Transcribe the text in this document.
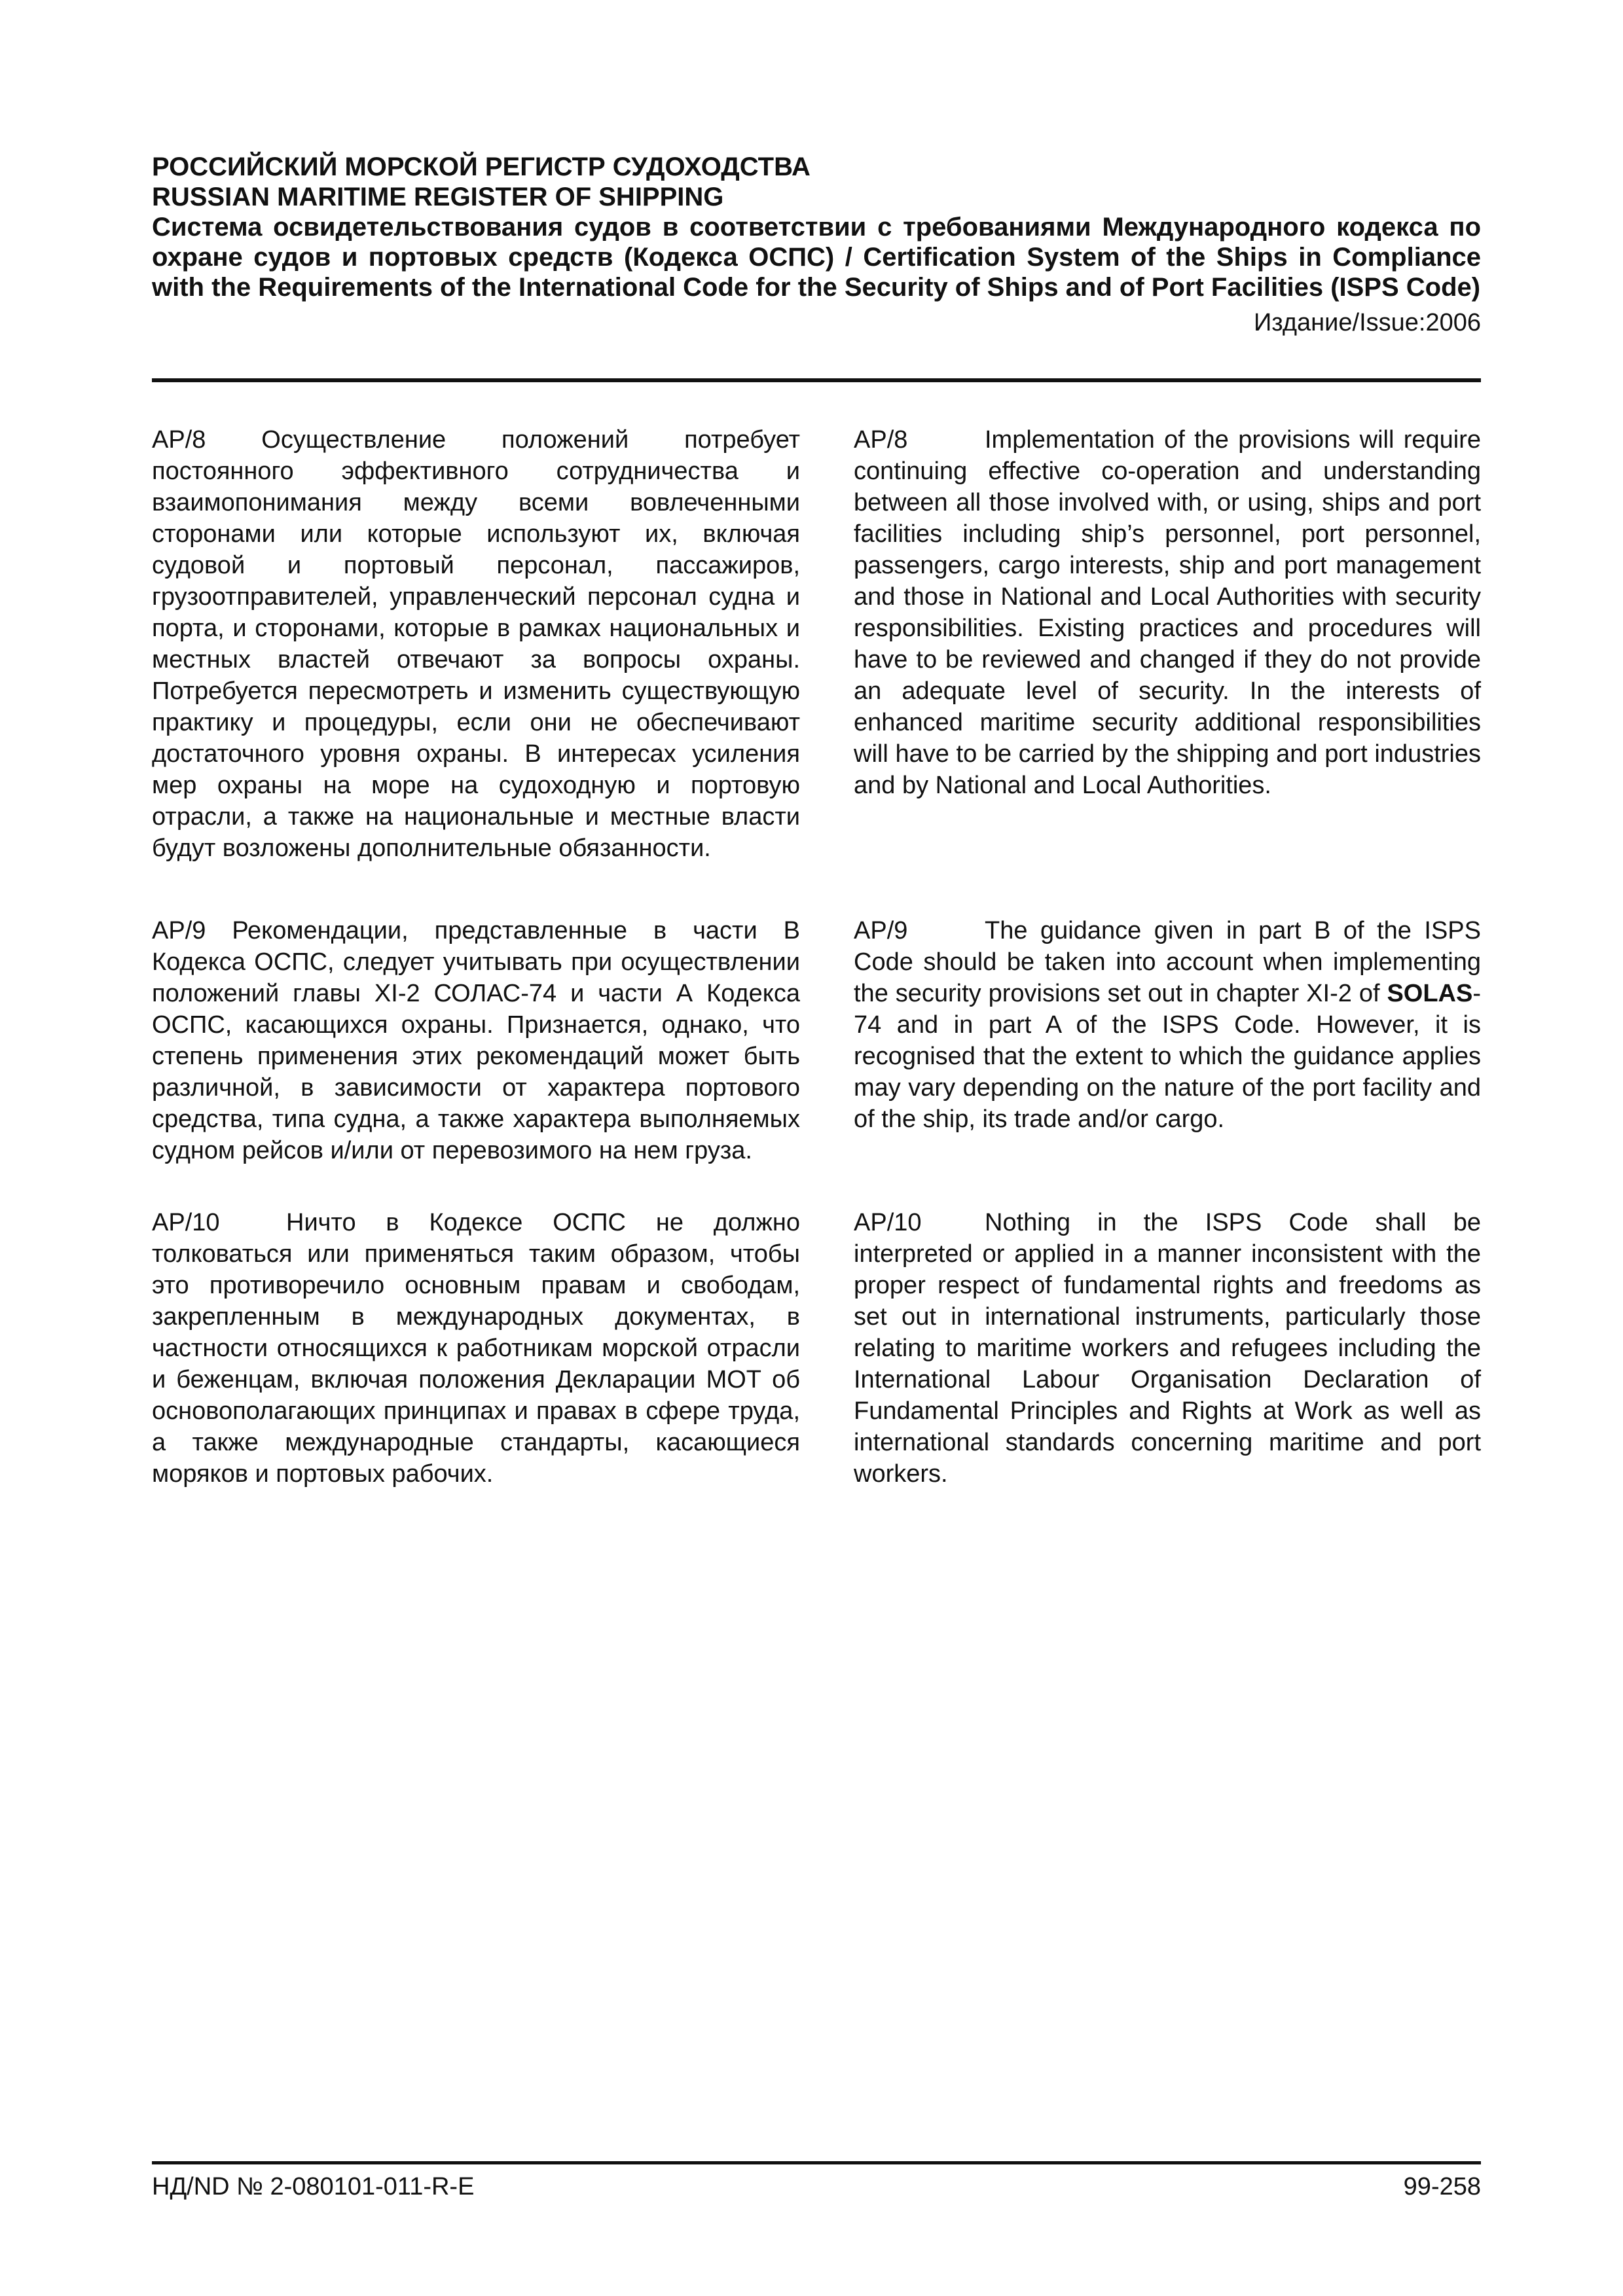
РОССИЙСКИЙ МОРСКОЙ РЕГИСТР СУДОХОДСТВА

RUSSIAN MARITIME REGISTER OF SHIPPING

Система освидетельствования судов в соответствии с требованиями Международного кодекса по охране судов и портовых средств (Кодекса ОСПС) / Certification System of the Ships in Compliance with the Requirements of the International Code for the Security of Ships and of Port Facilities (ISPS Code)

Издание/Issue:2006

AP/8 Осуществление положений потребует постоянного эффективного сотрудничества и взаимопонимания между всеми вовлеченными сторонами или которые используют их, включая судовой и портовый персонал, пассажиров, грузоотправителей, управленческий персонал судна и порта, и сторонами, которые в рамках национальных и местных властей отвечают за вопросы охраны. Потребуется пересмотреть и изменить существующую практику и процедуры, если они не обеспечивают достаточного уровня охраны. В интересах усиления мер охраны на море на судоходную и портовую отрасли, а также на национальные и местные власти будут возложены дополнительные обязанности.

AP/9 Рекомендации, представленные в части В Кодекса ОСПС, следует учитывать при осуществлении положений главы XI-2 СОЛАС-74 и части А Кодекса ОСПС, касающихся охраны. Признается, однако, что степень применения этих рекомендаций может быть различной, в зависимости от характера портового средства, типа судна, а также характера выполняемых судном рейсов и/или от перевозимого на нем груза.

AP/10	Ничто в Кодексе ОСПС не должно толковаться или применяться таким образом, чтобы это противоречило основным правам и свободам, закрепленным в международных документах, в частности относящихся к работникам морской отрасли и беженцам, включая положения Декларации МОТ об основополагающих принципах и правах в сфере труда, а также международные стандарты, касающиеся моряков и портовых рабочих.

AP/8	Implementation of the provisions will require continuing effective co-operation and understanding between all those involved with, or using, ships and port facilities including ship’s personnel, port personnel, passengers, cargo interests, ship and port management and those in National and Local Authorities with security responsibilities. Existing practices and procedures will have to be reviewed and changed if they do not provide an adequate level of security. In the interests of enhanced maritime security additional responsibilities will have to be carried by the shipping and port industries and by National and Local Authorities.

AP/9	The guidance given in part B of the ISPS Code should be taken into account when implementing the security provisions set out in chapter XI-2 of SOLAS-74 and in part A of the ISPS Code. However, it is recognised that the extent to which the guidance applies may vary depending on the nature of the port facility and of the ship, its trade and/or cargo.

AP/10	Nothing in the ISPS Code shall be interpreted or applied in a manner inconsistent with the proper respect of fundamental rights and freedoms as set out in international instruments, particularly those relating to maritime workers and refugees including the International Labour Organisation Declaration of Fundamental Principles and Rights at Work as well as international standards concerning maritime and port workers.

НД/ND № 2-080101-011-R-E	99-258
